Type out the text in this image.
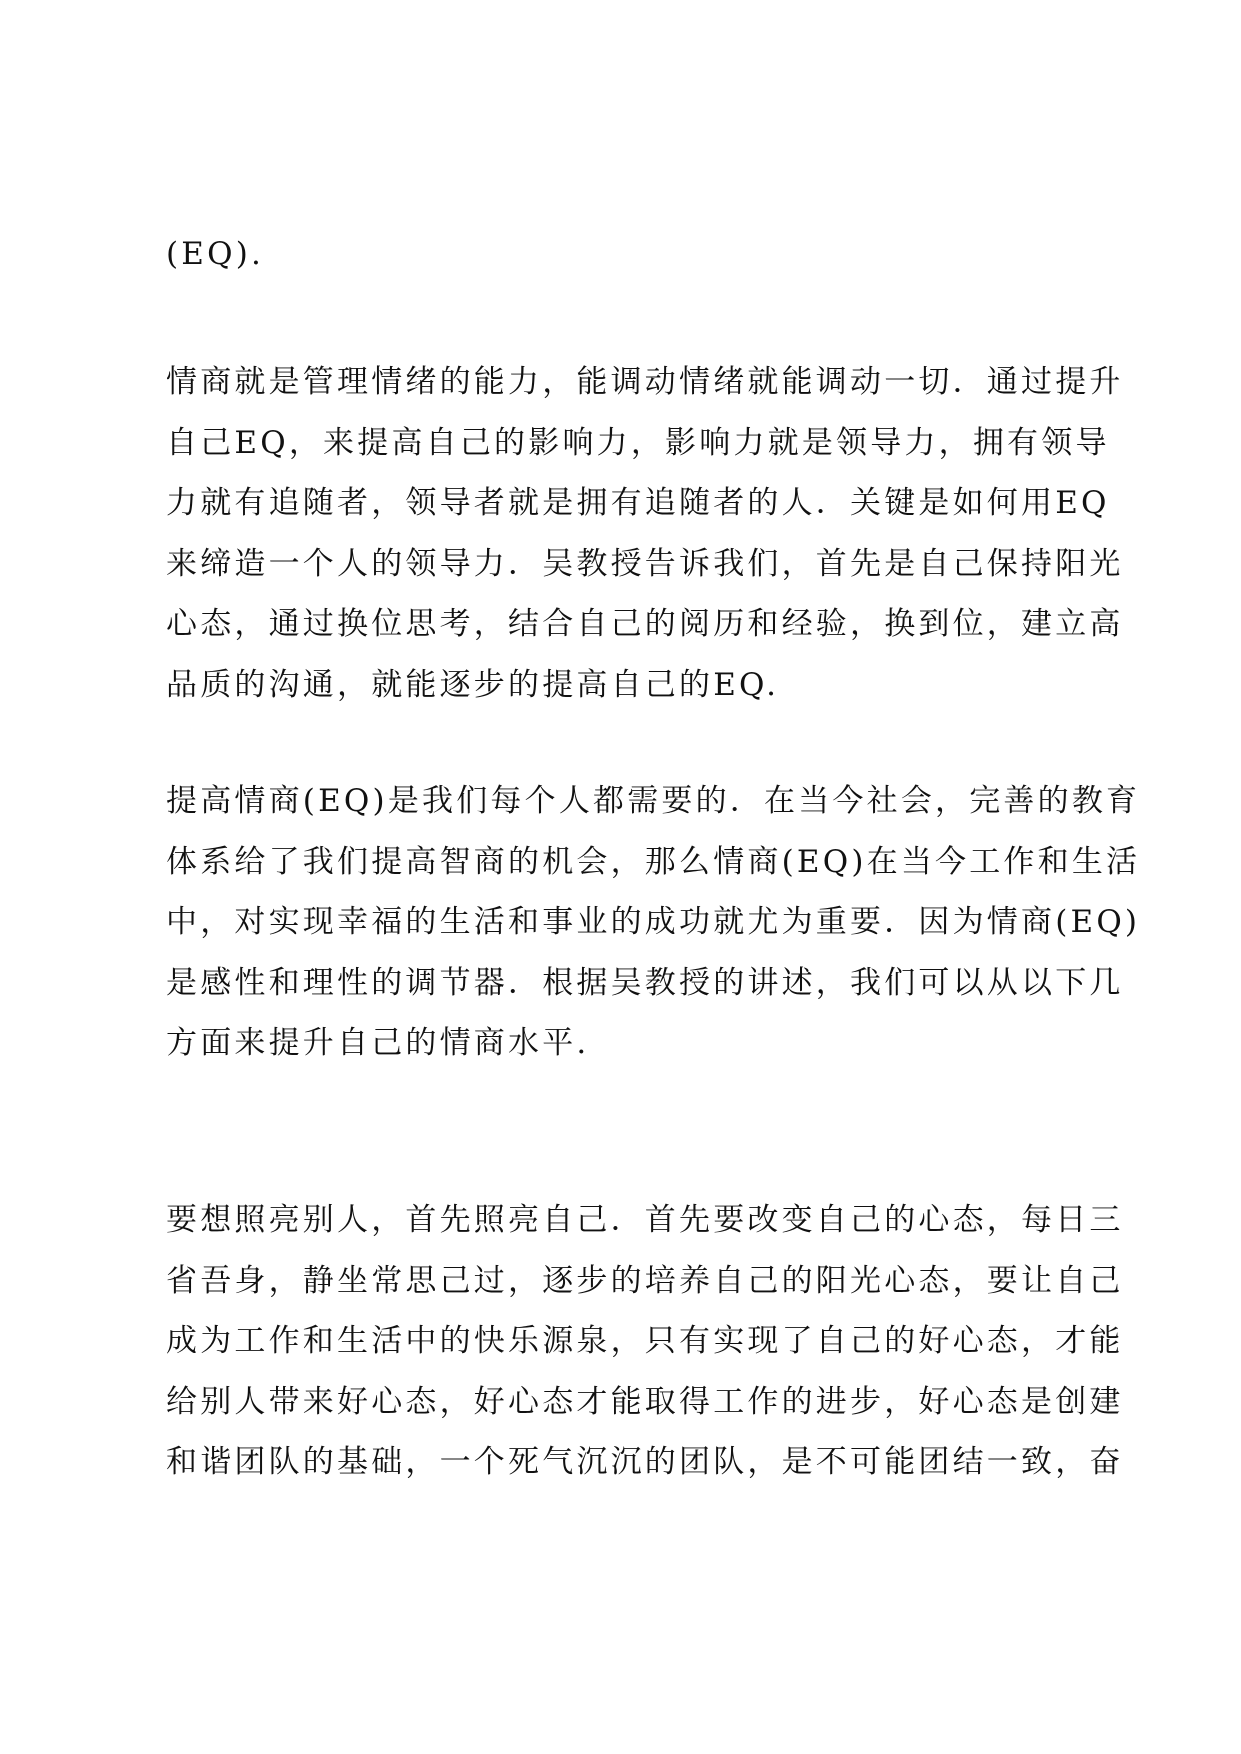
(EQ).

情商就是管理情绪的能力，能调动情绪就能调动一切．通过提升
自己EQ，来提高自己的影响力，影响力就是领导力，拥有领导
力就有追随者，领导者就是拥有追随者的人．关键是如何用EQ
来缔造一个人的领导力．吴教授告诉我们，首先是自己保持阳光
心态，通过换位思考，结合自己的阅历和经验，换到位，建立高
品质的沟通，就能逐步的提高自己的EQ.

提高情商(EQ)是我们每个人都需要的．在当今社会，完善的教育
体系给了我们提高智商的机会，那么情商(EQ)在当今工作和生活
中，对实现幸福的生活和事业的成功就尤为重要．因为情商(EQ)
是感性和理性的调节器．根据吴教授的讲述，我们可以从以下几
方面来提升自己的情商水平.

要想照亮别人，首先照亮自己．首先要改变自己的心态，每日三
省吾身，静坐常思己过，逐步的培养自己的阳光心态，要让自己
成为工作和生活中的快乐源泉，只有实现了自己的好心态，才能
给别人带来好心态，好心态才能取得工作的进步，好心态是创建
和谐团队的基础，一个死气沉沉的团队，是不可能团结一致，奋
